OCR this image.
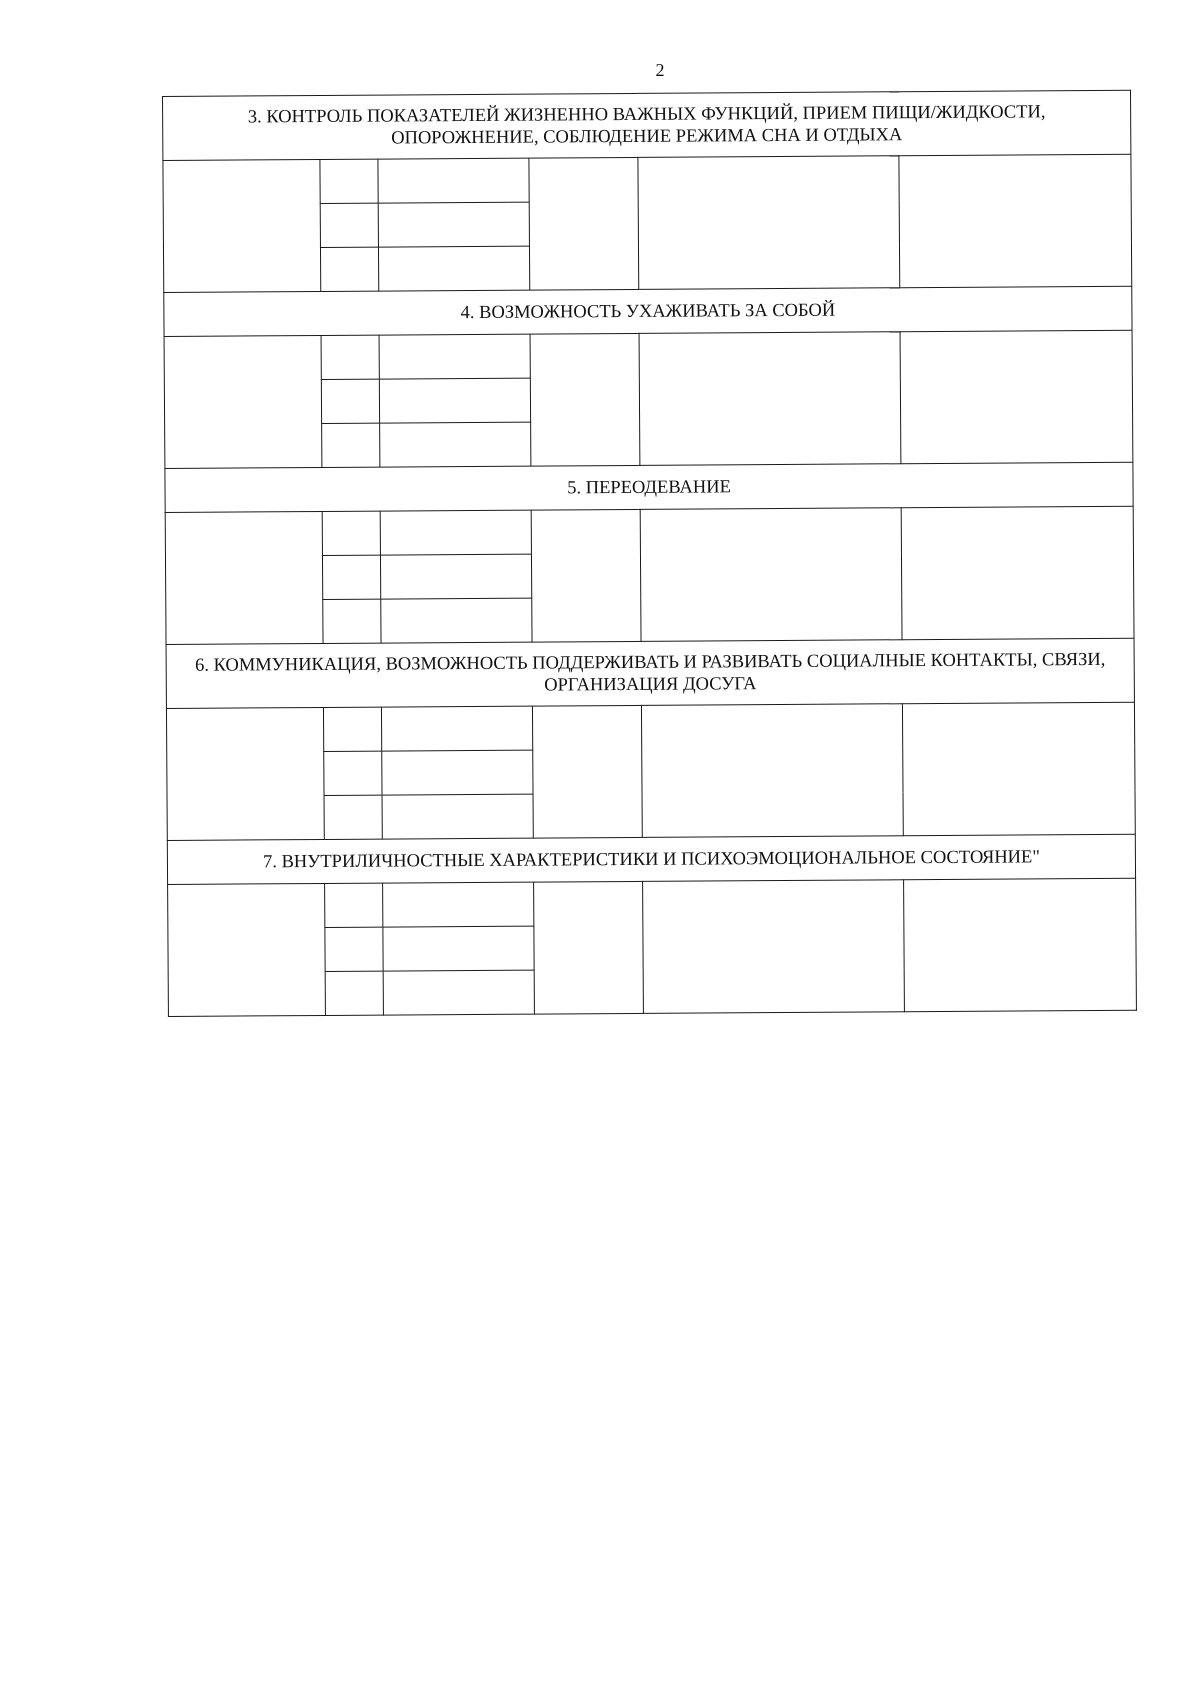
2
3. КОНТРОЛЬ ПОКАЗАТЕЛЕЙ ЖИЗНЕННО ВАЖНЫХ ФУНКЦИЙ, ПРИЕМ ПИЩИ/ЖИДКОСТИ, ОПОРОЖНЕНИЕ, СОБЛЮДЕНИЕ РЕЖИМА СНА И ОТДЫХА					

4. ВОЗМОЖНОСТЬ УХАЖИВАТЬ ЗА СОБОЙ					

5. ПЕРЕОДЕВАНИЕ					

6. КОММУНИКАЦИЯ, ВОЗМОЖНОСТЬ ПОДДЕРЖИВАТЬ И РАЗВИВАТЬ СОЦИАЛНЫЕ КОНТАКТЫ, СВЯЗИ, ОРГАНИЗАЦИЯ ДОСУГА					

7. ВНУТРИЛИЧНОСТНЫЕ ХАРАКТЕРИСТИКИ И ПСИХОЭМОЦИОНАЛЬНОЕ СОСТОЯНИЕ"					
